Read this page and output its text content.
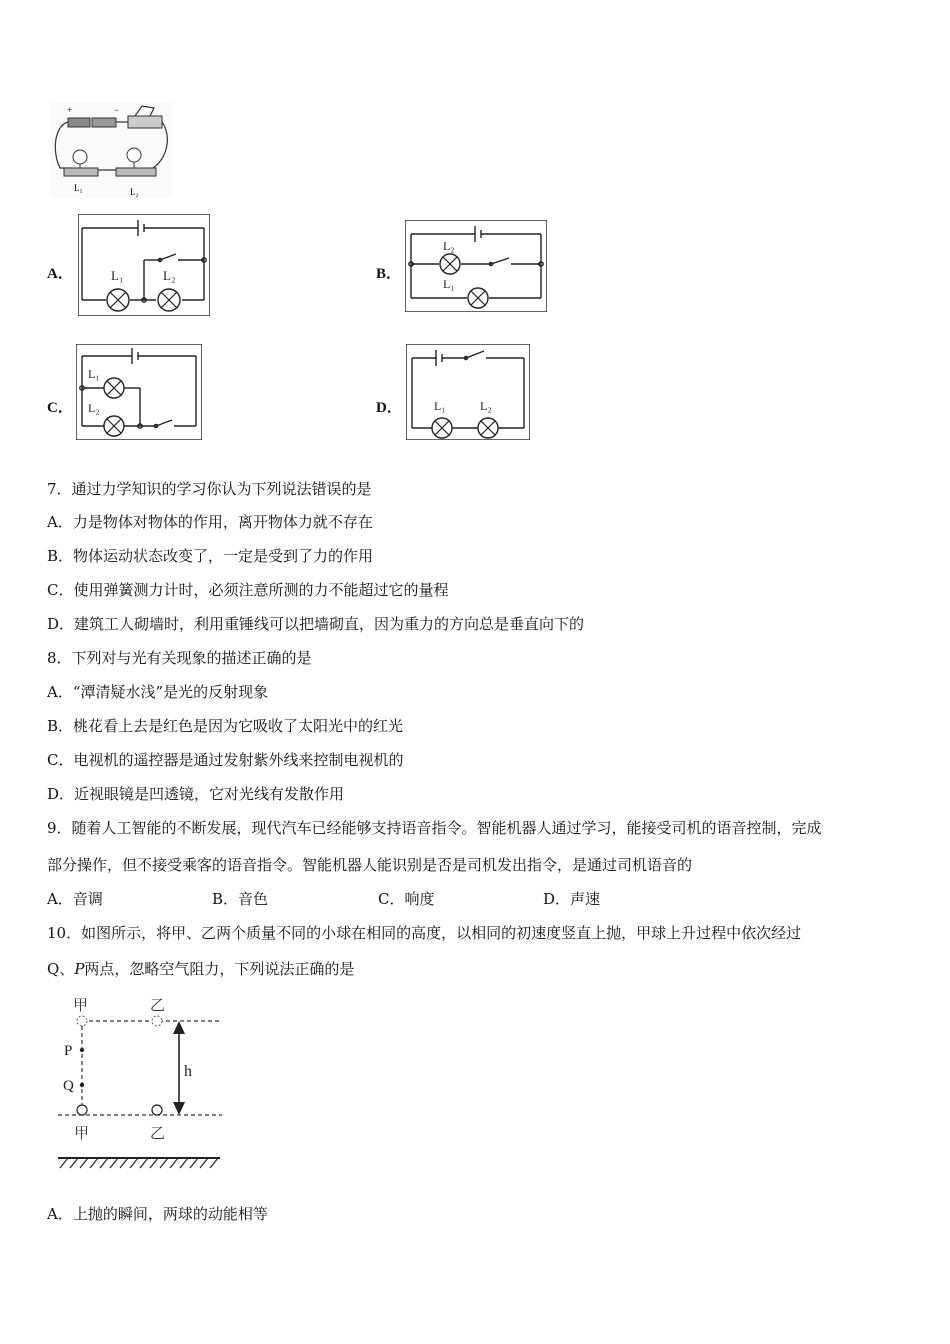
+	−
L₁	L₂
A．	L₁	L₂	B．
L₂
L₁
C．
L₁
L₂	D．	L₁	L₂
7．通过力学知识的学习你认为下列说法错误的是
A．力是物体对物体的作用，离开物体力就不存在
B．物体运动状态改变了，一定是受到了力的作用
C．使用弹簧测力计时，必须注意所测的力不能超过它的量程
D．建筑工人砌墙时，利用重锤线可以把墙砌直，因为重力的方向总是垂直向下的
8．下列对与光有关现象的描述正确的是
A．“潭清疑水浅”是光的反射现象
B．桃花看上去是红色是因为它吸收了太阳光中的红光
C．电视机的遥控器是通过发射紫外线来控制电视机的
D．近视眼镜是凹透镜，它对光线有发散作用
9．随着人工智能的不断发展，现代汽车已经能够支持语音指令。智能机器人通过学习，能接受司机的语音控制，完成
部分操作，但不接受乘客的语音指令。智能机器人能识别是否是司机发出指令，是通过司机语音的
A．音调	B．音色	C．响度	D．声速
10．如图所示，将甲、乙两个质量不同的小球在相同的高度，以相同的初速度竖直上抛，甲球上升过程中依次经过
Q、P两点，忽略空气阻力，下列说法正确的是
甲	乙
P
Q
h
甲	乙
A．上抛的瞬间，两球的动能相等
